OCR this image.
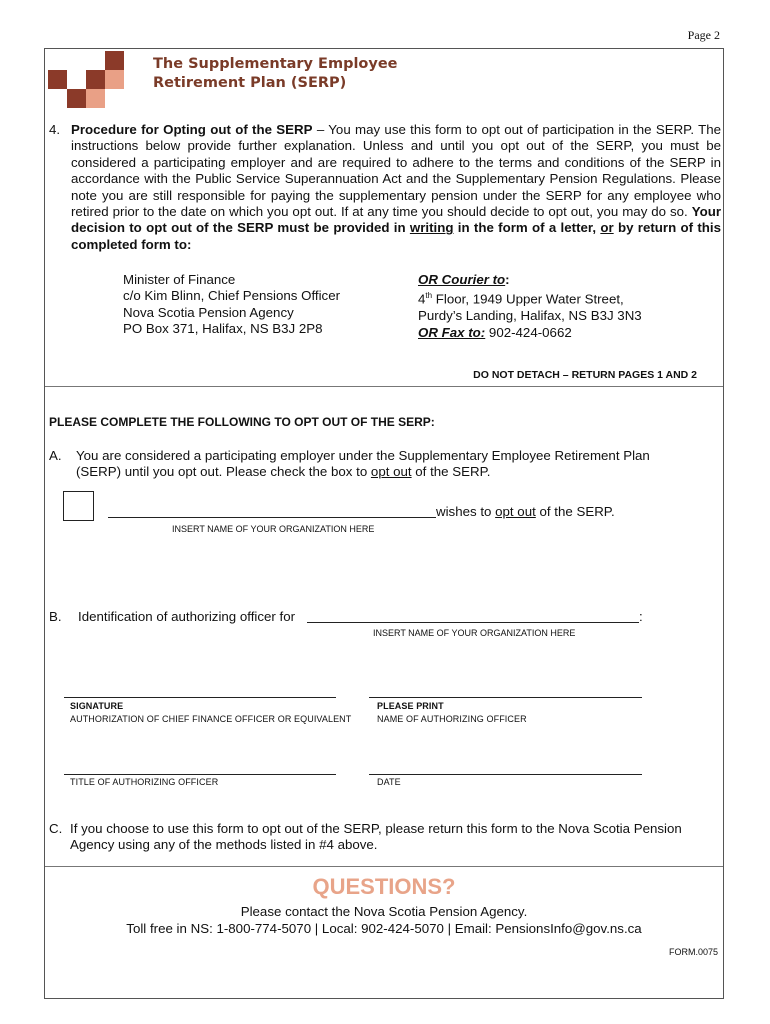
Page 2
The Supplementary Employee
Retirement Plan (SERP)
4. Procedure for Opting out of the SERP – You may use this form to opt out of participation in the SERP. The instructions below provide further explanation. Unless and until you opt out of the SERP, you must be considered a participating employer and are required to adhere to the terms and conditions of the SERP in accordance with the Public Service Superannuation Act and the Supplementary Pension Regulations. Please note you are still responsible for paying the supplementary pension under the SERP for any employee who retired prior to the date on which you opt out. If at any time you should decide to opt out, you may do so. Your decision to opt out of the SERP must be provided in writing in the form of a letter, or by return of this completed form to:
Minister of Finance
c/o Kim Blinn, Chief Pensions Officer
Nova Scotia Pension Agency
PO Box 371, Halifax, NS B3J 2P8
OR Courier to:
4th Floor, 1949 Upper Water Street,
Purdy’s Landing, Halifax, NS B3J 3N3
OR Fax to: 902-424-0662
DO NOT DETACH – RETURN PAGES 1 AND 2
PLEASE COMPLETE THE FOLLOWING TO OPT OUT OF THE SERP:
A. You are considered a participating employer under the Supplementary Employee Retirement Plan
(SERP) until you opt out. Please check the box to opt out of the SERP.
wishes to opt out of the SERP.
INSERT NAME OF YOUR ORGANIZATION HERE
B. Identification of authorizing officer for	:
INSERT NAME OF YOUR ORGANIZATION HERE
SIGNATURE
AUTHORIZATION OF CHIEF FINANCE OFFICER OR EQUIVALENT
PLEASE PRINT
NAME OF AUTHORIZING OFFICER
TITLE OF AUTHORIZING OFFICER	DATE
C. If you choose to use this form to opt out of the SERP, please return this form to the Nova Scotia Pension
Agency using any of the methods listed in #4 above.
QUESTIONS?
Please contact the Nova Scotia Pension Agency.
Toll free in NS: 1-800-774-5070 | Local: 902-424-5070 | Email: PensionsInfo@gov.ns.ca
FORM.0075
